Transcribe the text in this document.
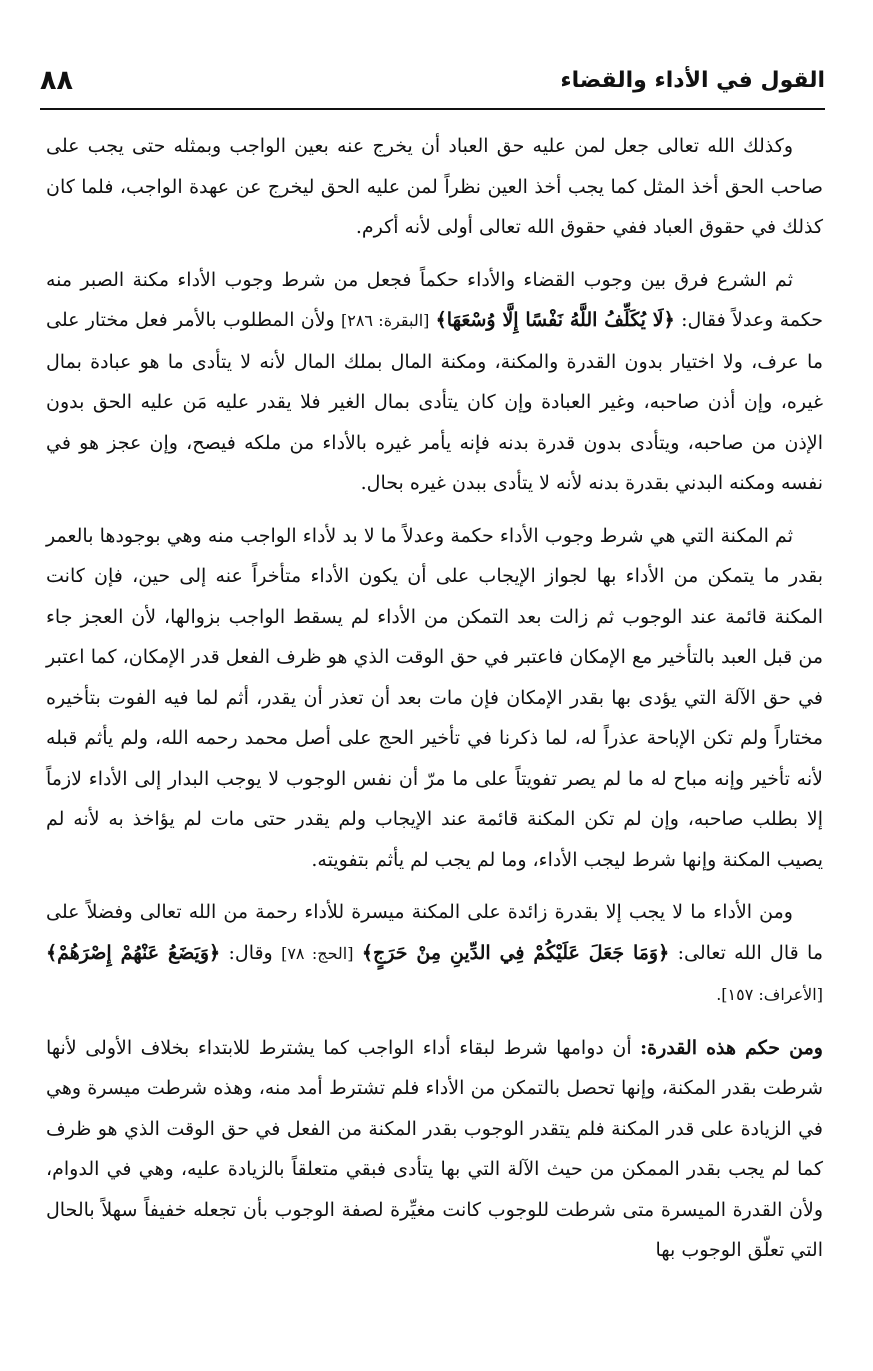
٨٨	القول في الأداء والقضاء

وكذلك الله تعالى جعل لمن عليه حق العباد أن يخرج عنه بعين الواجب وبمثله حتى يجب على صاحب الحق أخذ المثل كما يجب أخذ العين نظراً لمن عليه الحق ليخرج عن عهدة الواجب، فلما كان كذلك في حقوق العباد ففي حقوق الله تعالى أولى لأنه أكرم.

ثم الشرع فرق بين وجوب القضاء والأداء حكماً فجعل من شرط وجوب الأداء مكنة الصبر منه حكمة وعدلاً فقال: ﴿لَا يُكَلِّفُ اللَّهُ نَفْسًا إِلَّا وُسْعَهَا﴾ [البقرة: ٢٨٦] ولأن المطلوب بالأمر فعل مختار على ما عرف، ولا اختيار بدون القدرة والمكنة، ومكنة المال بملك المال لأنه لا يتأدى ما هو عبادة بمال غيره، وإن أذن صاحبه، وغير العبادة وإن كان يتأدى بمال الغير فلا يقدر عليه مَن عليه الحق بدون الإذن من صاحبه، ويتأدى بدون قدرة بدنه فإنه يأمر غيره بالأداء من ملكه فيصح، وإن عجز هو في نفسه ومكنه البدني بقدرة بدنه لأنه لا يتأدى ببدن غيره بحال.

ثم المكنة التي هي شرط وجوب الأداء حكمة وعدلاً ما لا بد لأداء الواجب منه وهي بوجودها بالعمر بقدر ما يتمكن من الأداء بها لجواز الإيجاب على أن يكون الأداء متأخراً عنه إلى حين، فإن كانت المكنة قائمة عند الوجوب ثم زالت بعد التمكن من الأداء لم يسقط الواجب بزوالها، لأن العجز جاء من قبل العبد بالتأخير مع الإمكان فاعتبر في حق الوقت الذي هو ظرف الفعل قدر الإمكان، كما اعتبر في حق الآلة التي يؤدى بها بقدر الإمكان فإن مات بعد أن تعذر أن يقدر، أثم لما فيه الفوت بتأخيره مختاراً ولم تكن الإباحة عذراً له، لما ذكرنا في تأخير الحج على أصل محمد رحمه الله، ولم يأثم قبله لأنه تأخير وإنه مباح له ما لم يصر تفويتاً على ما مرّ أن نفس الوجوب لا يوجب البدار إلى الأداء لازماً إلا بطلب صاحبه، وإن لم تكن المكنة قائمة عند الإيجاب ولم يقدر حتى مات لم يؤاخذ به لأنه لم يصيب المكنة وإنها شرط ليجب الأداء، وما لم يجب لم يأثم بتفويته.

ومن الأداء ما لا يجب إلا بقدرة زائدة على المكنة ميسرة للأداء رحمة من الله تعالى وفضلاً على ما قال الله تعالى: ﴿وَمَا جَعَلَ عَلَيْكُمْ فِي الدِّينِ مِنْ حَرَجٍ﴾ [الحج: ٧٨] وقال: ﴿وَيَضَعُ عَنْهُمْ إِصْرَهُمْ﴾ [الأعراف: ١٥٧].

ومن حكم هذه القدرة: أن دوامها شرط لبقاء أداء الواجب كما يشترط للابتداء بخلاف الأولى لأنها شرطت بقدر المكنة، وإنها تحصل بالتمكن من الأداء فلم تشترط أمد منه، وهذه شرطت ميسرة وهي في الزيادة على قدر المكنة فلم يتقدر الوجوب بقدر المكنة من الفعل في حق الوقت الذي هو ظرف كما لم يجب بقدر الممكن من حيث الآلة التي بها يتأدى فبقي متعلقاً بالزيادة عليه، وهي في الدوام، ولأن القدرة الميسرة متى شرطت للوجوب كانت مغيِّرة لصفة الوجوب بأن تجعله خفيفاً سهلاً بالحال التي تعلّق الوجوب بها
